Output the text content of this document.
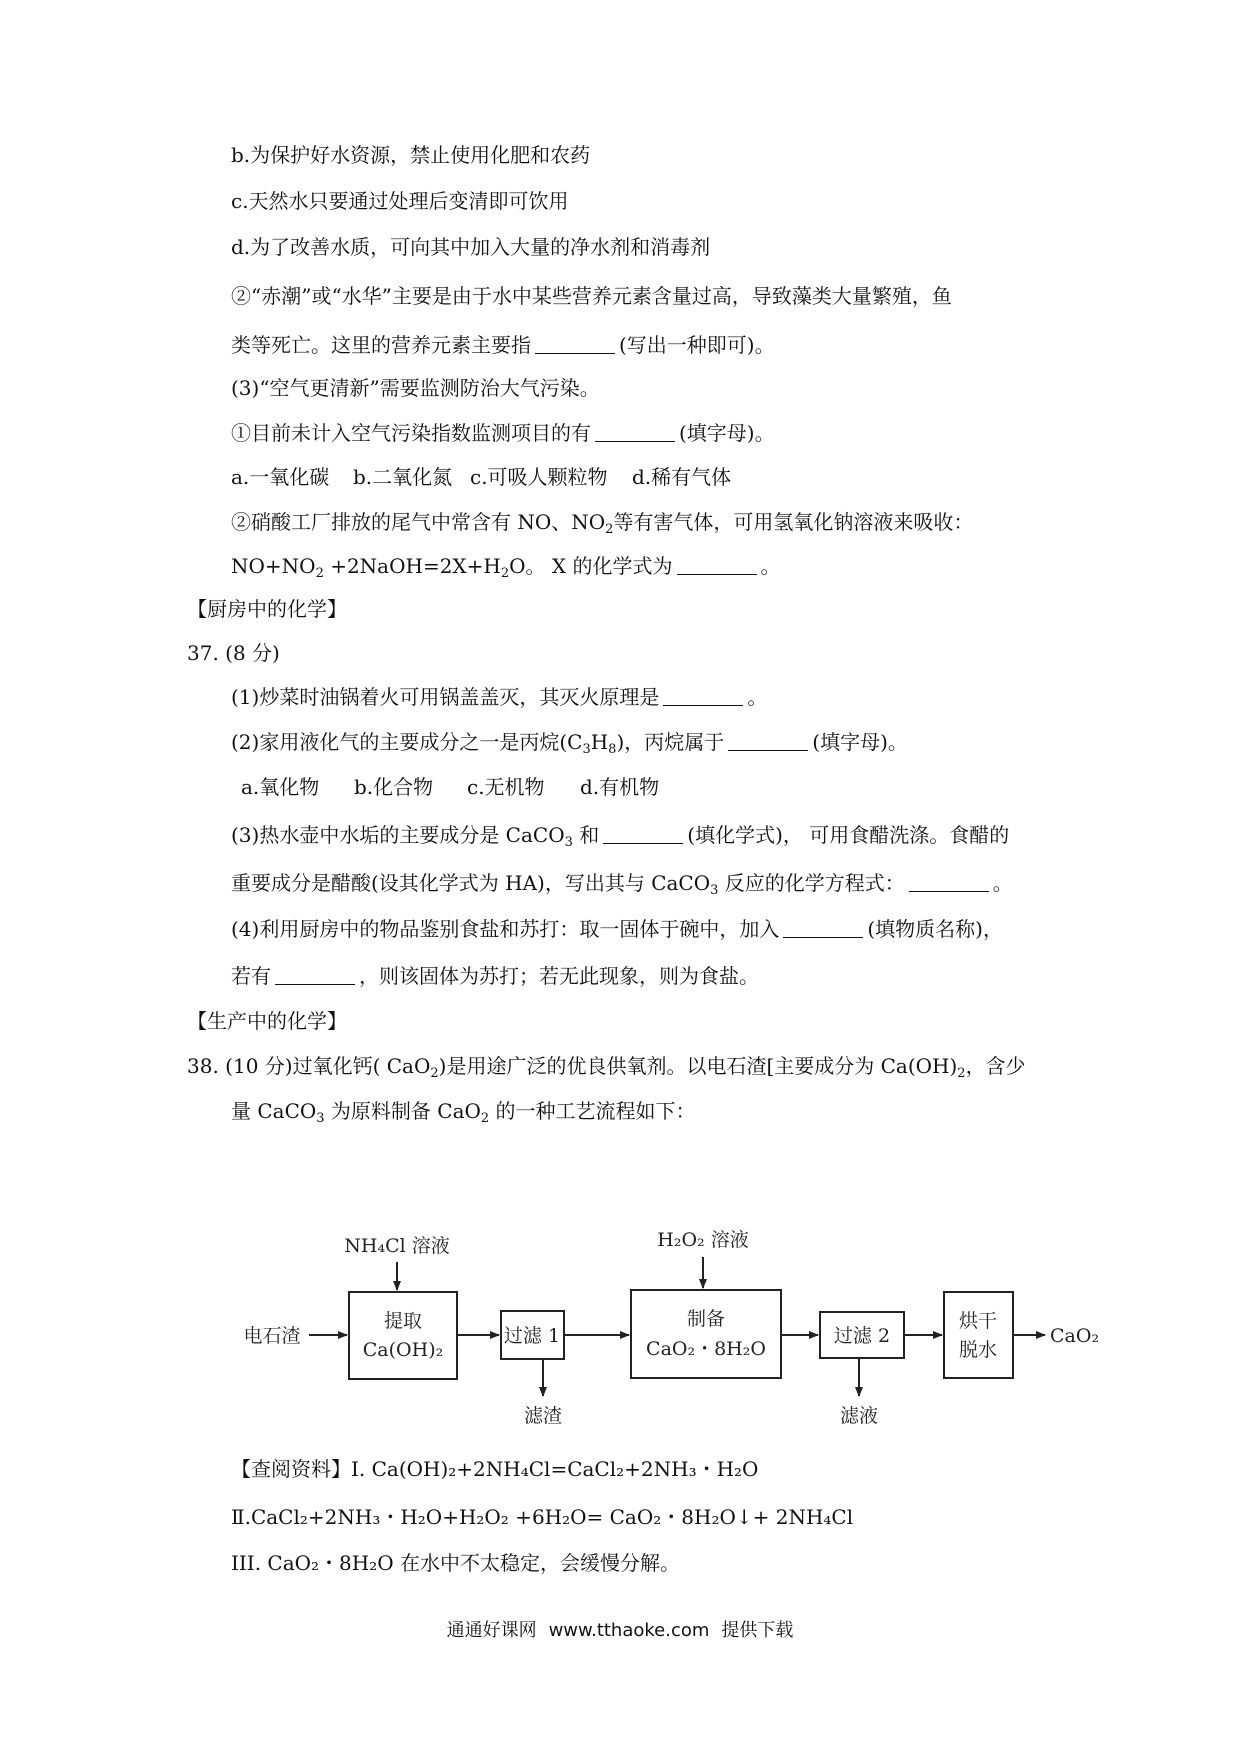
b.为保护好水资源，禁止使用化肥和农药
c.天然水只要通过处理后变清即可饮用
d.为了改善水质，可向其中加入大量的净水剂和消毒剂
②“赤潮”或“水华”主要是由于水中某些营养元素含量过高，导致藻类大量繁殖，鱼
类等死亡。这里的营养元素主要指	(写出一种即可)。
(3)“空气更清新”需要监测防治大气污染。
①目前未计入空气污染指数监测项目的有	(填字母)。
a.一氧化碳 b.二氧化氮 c.可吸人颗粒物 d.稀有气体
②硝酸工厂排放的尾气中常含有 NO、$NO_2$等有害气体，可用氢氧化钠溶液来吸收：
$NO+NO_2$ $+2NaOH=2X+H_2O$。 X 的化学式为	。
【厨房中的化学】
37. (8 分)
(1)炒菜时油锅着火可用锅盖盖灭，其灭火原理是	。
(2)家用液化气的主要成分之一是丙烷$(C_3H_8)$，丙烷属于	(填字母)。
a.氧化物 b.化合物 c.无机物 d.有机物
(3)热水壶中水垢的主要成分是 CaCO$_3$ 和	(填化学式)， 可用食醋洗涤。食醋的
重要成分是醋酸(设其化学式为 HA)，写出其与 CaCO$_3$ 反应的化学方程式：	。
(4)利用厨房中的物品鉴别食盐和苏打：取一固体于碗中，加入	(填物质名称)，
若有	，则该固体为苏打；若无此现象，则为食盐。
【生产中的化学】
38. (10 分)过氧化钙( CaO$_2$)是用途广泛的优良供氧剂。以电石渣[主要成分为 $Ca(OH)_2$，含少
量 CaCO$_3$ 为原料制备 CaO$_2$ 的一种工艺流程如下：
NH₄Cl 溶液	H₂O₂ 溶液
电石渣
提取
Ca(OH)₂
过滤 1
制备
CaO₂・8H₂O
过滤 2
烘干
脱水
CaO₂
滤渣	滤液
【查阅资料】I. Ca(OH)₂+2NH₄Cl=CaCl₂+2NH₃・H₂O
Ⅱ.CaCl₂+2NH₃・H₂O+H₂O₂ +6H₂O= CaO₂・8H₂O↓+ 2NH₄Cl
III. CaO₂・8H₂O 在水中不太稳定，会缓慢分解。
通通好课网 www.tthaoke.com 提供下载
